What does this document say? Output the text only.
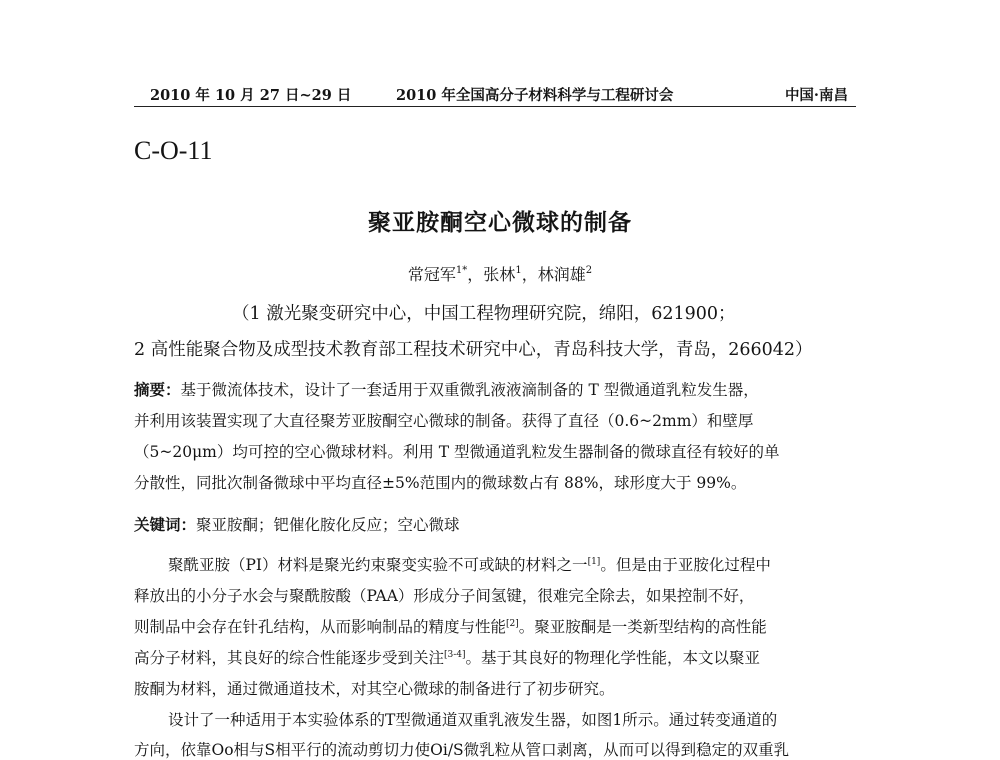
2010 年 10 月 27 日~29 日	2010 年全国高分子材料科学与工程研讨会	中国·南昌
C-O-11
聚亚胺酮空心微球的制备
常冠军$^{1*}$，张林$^1$，林润雄$^2$
（1 激光聚变研究中心，中国工程物理研究院，绵阳，621900；
2 高性能聚合物及成型技术教育部工程技术研究中心，青岛科技大学，青岛，266042）
摘要：基于微流体技术，设计了一套适用于双重微乳液液滴制备的 T 型微通道乳粒发生器，
并利用该装置实现了大直径聚芳亚胺酮空心微球的制备。获得了直径（0.6~2mm）和壁厚
（5~20μm）均可控的空心微球材料。利用 T 型微通道乳粒发生器制备的微球直径有较好的单
分散性，同批次制备微球中平均直径±5%范围内的微球数占有 88%，球形度大于 99%。
关键词：聚亚胺酮；钯催化胺化反应；空心微球
聚酰亚胺（PI）材料是聚光约束聚变实验不可或缺的材料之一[1]。但是由于亚胺化过程中
释放出的小分子水会与聚酰胺酸（PAA）形成分子间氢键，很难完全除去，如果控制不好，
则制品中会存在针孔结构，从而影响制品的精度与性能[2]。聚亚胺酮是一类新型结构的高性能
高分子材料，其良好的综合性能逐步受到关注[3-4]。基于其良好的物理化学性能，本文以聚亚
胺酮为材料，通过微通道技术，对其空心微球的制备进行了初步研究。
设计了一种适用于本实验体系的T型微通道双重乳液发生器，如图1所示。通过转变通道的
方向，依靠Oo相与S相平行的流动剪切力使Oi/S微乳粒从管口剥离，从而可以得到稳定的双重乳
